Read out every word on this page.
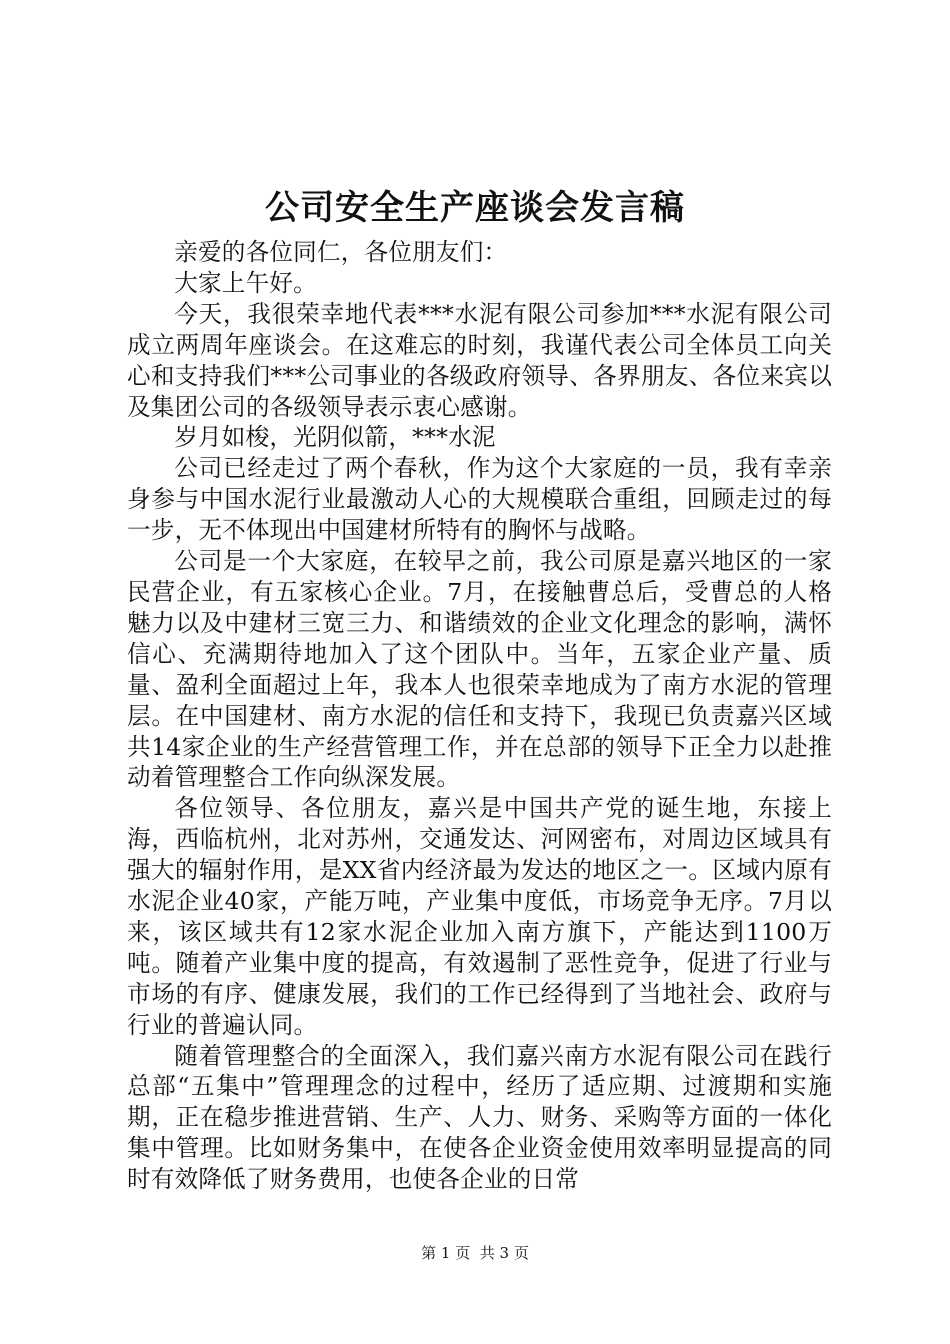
公司安全生产座谈会发言稿

亲爱的各位同仁，各位朋友们：

大家上午好。

今天，我很荣幸地代表***水泥有限公司参加***水泥有限公司成立两周年座谈会。在这难忘的时刻，我谨代表公司全体员工向关心和支持我们***公司事业的各级政府领导、各界朋友、各位来宾以及集团公司的各级领导表示衷心感谢。

岁月如梭，光阴似箭，***水泥

公司已经走过了两个春秋，作为这个大家庭的一员，我有幸亲身参与中国水泥行业最激动人心的大规模联合重组，回顾走过的每一步，无不体现出中国建材所特有的胸怀与战略。

公司是一个大家庭，在较早之前，我公司原是嘉兴地区的一家民营企业，有五家核心企业。7月，在接触曹总后，受曹总的人格魅力以及中建材三宽三力、和谐绩效的企业文化理念的影响，满怀信心、充满期待地加入了这个团队中。当年，五家企业产量、质量、盈利全面超过上年，我本人也很荣幸地成为了南方水泥的管理层。在中国建材、南方水泥的信任和支持下，我现已负责嘉兴区域共14家企业的生产经营管理工作，并在总部的领导下正全力以赴推动着管理整合工作向纵深发展。

各位领导、各位朋友，嘉兴是中国共产党的诞生地，东接上海，西临杭州，北对苏州，交通发达、河网密布，对周边区域具有强大的辐射作用，是XX省内经济最为发达的地区之一。区域内原有水泥企业40家，产能万吨，产业集中度低，市场竞争无序。7月以来，该区域共有12家水泥企业加入南方旗下，产能达到1100万吨。随着产业集中度的提高，有效遏制了恶性竞争，促进了行业与市场的有序、健康发展，我们的工作已经得到了当地社会、政府与行业的普遍认同。

随着管理整合的全面深入，我们嘉兴南方水泥有限公司在践行总部“五集中”管理理念的过程中，经历了适应期、过渡期和实施期，正在稳步推进营销、生产、人力、财务、采购等方面的一体化集中管理。比如财务集中，在使各企业资金使用效率明显提高的同时有效降低了财务费用，也使各企业的日常

第 1 页  共 3 页
